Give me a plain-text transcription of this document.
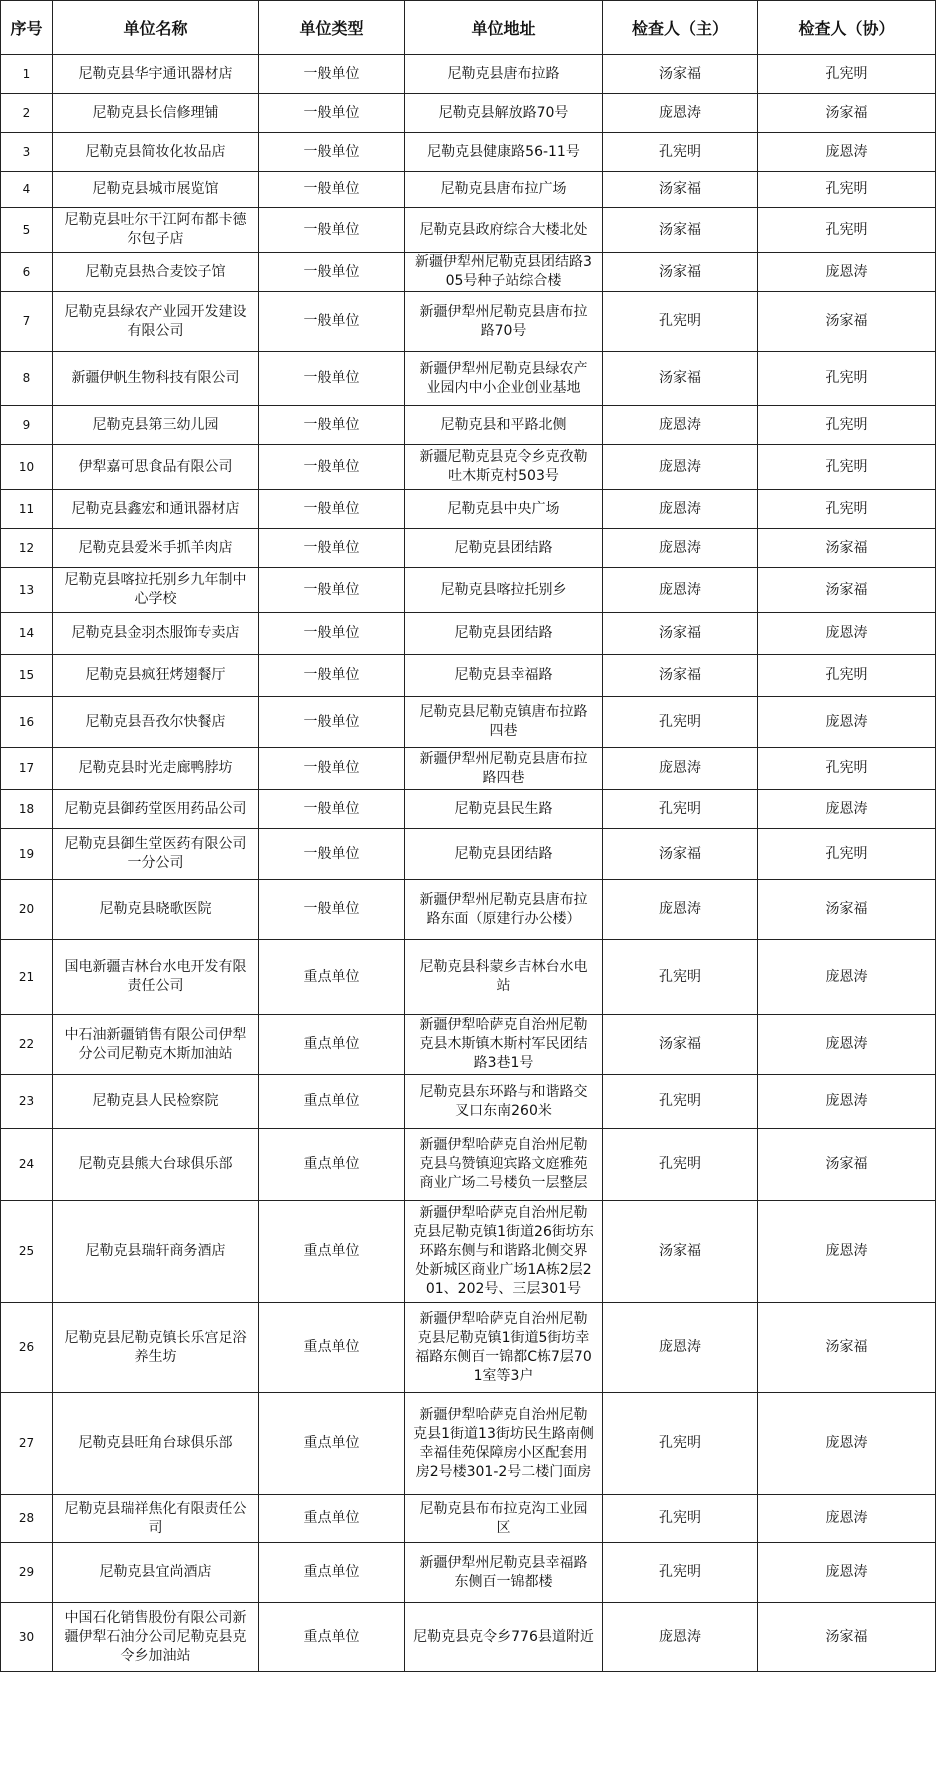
序号	单位名称	单位类型	单位地址	检查人（主）	检查人（协）
1	尼勒克县华宇通讯器材店	一般单位	尼勒克县唐布拉路	汤家福	孔宪明
2	尼勒克县长信修理铺	一般单位	尼勒克县解放路70号	庞恩涛	汤家福
3	尼勒克县简妆化妆品店	一般单位	尼勒克县健康路56-11号	孔宪明	庞恩涛
4	尼勒克县城市展览馆	一般单位	尼勒克县唐布拉广场	汤家福	孔宪明
5	尼勒克县吐尔干江阿布都卡德尔包子店	一般单位	尼勒克县政府综合大楼北处	汤家福	孔宪明
6	尼勒克县热合麦饺子馆	一般单位	新疆伊犁州尼勒克县团结路305号种子站综合楼	汤家福	庞恩涛
7	尼勒克县绿农产业园开发建设有限公司	一般单位	新疆伊犁州尼勒克县唐布拉路70号	孔宪明	汤家福
8	新疆伊帆生物科技有限公司	一般单位	新疆伊犁州尼勒克县绿农产业园内中小企业创业基地	汤家福	孔宪明
9	尼勒克县第三幼儿园	一般单位	尼勒克县和平路北侧	庞恩涛	孔宪明
10	伊犁嘉可思食品有限公司	一般单位	新疆尼勒克县克令乡克孜勒吐木斯克村503号	庞恩涛	孔宪明
11	尼勒克县鑫宏和通讯器材店	一般单位	尼勒克县中央广场	庞恩涛	孔宪明
12	尼勒克县爱米手抓羊肉店	一般单位	尼勒克县团结路	庞恩涛	汤家福
13	尼勒克县喀拉托别乡九年制中心学校	一般单位	尼勒克县喀拉托别乡	庞恩涛	汤家福
14	尼勒克县金羽杰服饰专卖店	一般单位	尼勒克县团结路	汤家福	庞恩涛
15	尼勒克县疯狂烤翅餐厅	一般单位	尼勒克县幸福路	汤家福	孔宪明
16	尼勒克县吾孜尔快餐店	一般单位	尼勒克县尼勒克镇唐布拉路四巷	孔宪明	庞恩涛
17	尼勒克县时光走廊鸭脖坊	一般单位	新疆伊犁州尼勒克县唐布拉路四巷	庞恩涛	孔宪明
18	尼勒克县御药堂医用药品公司	一般单位	尼勒克县民生路	孔宪明	庞恩涛
19	尼勒克县御生堂医药有限公司一分公司	一般单位	尼勒克县团结路	汤家福	孔宪明
20	尼勒克县晓歌医院	一般单位	新疆伊犁州尼勒克县唐布拉路东面（原建行办公楼）	庞恩涛	汤家福
21	国电新疆吉林台水电开发有限责任公司	重点单位	尼勒克县科蒙乡吉林台水电站	孔宪明	庞恩涛
22	中石油新疆销售有限公司伊犁分公司尼勒克木斯加油站	重点单位	新疆伊犁哈萨克自治州尼勒克县木斯镇木斯村军民团结路3巷1号	汤家福	庞恩涛
23	尼勒克县人民检察院	重点单位	尼勒克县东环路与和谐路交叉口东南260米	孔宪明	庞恩涛
24	尼勒克县熊大台球俱乐部	重点单位	新疆伊犁哈萨克自治州尼勒克县乌赞镇迎宾路文庭雅苑商业广场二号楼负一层整层	孔宪明	汤家福
25	尼勒克县瑞轩商务酒店	重点单位	新疆伊犁哈萨克自治州尼勒克县尼勒克镇1街道26街坊东环路东侧与和谐路北侧交界处新城区商业广场1A栋2层201、202号、三层301号	汤家福	庞恩涛
26	尼勒克县尼勒克镇长乐宫足浴养生坊	重点单位	新疆伊犁哈萨克自治州尼勒克县尼勒克镇1街道5街坊幸福路东侧百一锦都C栋7层701室等3户	庞恩涛	汤家福
27	尼勒克县旺角台球俱乐部	重点单位	新疆伊犁哈萨克自治州尼勒克县1街道13街坊民生路南侧幸福佳苑保障房小区配套用房2号楼301-2号二楼门面房	孔宪明	庞恩涛
28	尼勒克县瑞祥焦化有限责任公司	重点单位	尼勒克县布布拉克沟工业园区	孔宪明	庞恩涛
29	尼勒克县宜尚酒店	重点单位	新疆伊犁州尼勒克县幸福路东侧百一锦都楼	孔宪明	庞恩涛
30	中国石化销售股份有限公司新疆伊犁石油分公司尼勒克县克令乡加油站	重点单位	尼勒克县克令乡776县道附近	庞恩涛	汤家福
